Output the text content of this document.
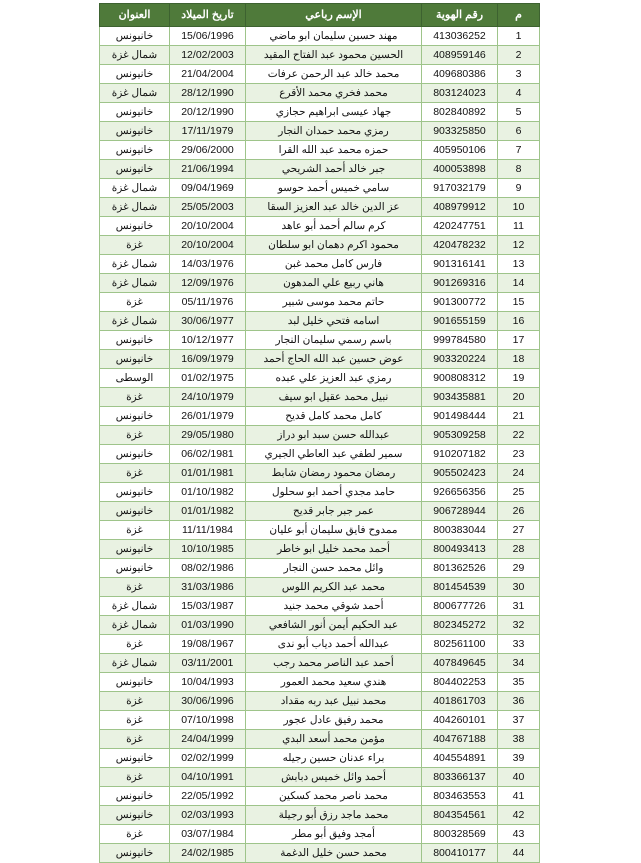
م	رقم الهوية	الإسم رباعي	تاريخ الميلاد	العنوان
1	413036252	مهند حسين سليمان ابو ماضي	15/06/1996	خانيونس
2	408959146	الحسين محمود عبد الفتاح المقيد	12/02/2003	شمال غزة
3	409680386	محمد خالد عبد الرحمن عرفات	21/04/2004	خانيونس
4	803124023	محمد فخري محمد الأقرع	28/12/1990	شمال غزة
5	802840892	جهاد عيسى ابراهيم حجازي	20/12/1990	خانيونس
6	903325850	رمزي محمد حمدان النجار	17/11/1979	خانيونس
7	405950106	حمزه محمد عبد الله القرا	29/06/2000	خانيونس
8	400053898	جبر خالد أحمد الشريحي	21/06/1994	خانيونس
9	917032179	سامي خميس أحمد حوسو	09/04/1969	شمال غزة
10	408979912	عز الدين خالد عبد العزيز السقا	25/05/2003	شمال غزة
11	420247751	كرم سالم أحمد أبو عاهد	20/10/2004	خانيونس
12	420478232	محمود اكرم دهمان ابو سلطان	20/10/2004	غزة
13	901316141	فارس كامل محمد غبن	14/03/1976	شمال غزة
14	901269316	هاني ربيع علي المدهون	12/09/1976	شمال غزة
15	901300772	حاتم محمد موسى شبير	05/11/1976	غزة
16	901655159	اسامه فتحي خليل لبد	30/06/1977	شمال غزة
17	999784580	باسم رسمي سليمان النجار	10/12/1977	خانيونس
18	903320224	عوض حسين عبد الله الحاج أحمد	16/09/1979	خانيونس
19	900808312	رمزي عبد العزيز علي عبده	01/02/1975	الوسطى
20	903435881	نبيل محمد عقيل ابو سيف	24/10/1979	غزة
21	901498444	كامل محمد كامل قديح	26/01/1979	خانيونس
22	905309258	عبدالله حسن سبد ابو دراز	29/05/1980	غزة
23	910207182	سمير لطفي عبد العاطي الجيري	06/02/1981	خانيونس
24	905502423	رمضان محمود رمضان شابط	01/01/1981	غزة
25	926656356	حامد مجدي أحمد ابو سحلول	01/10/1982	خانيونس
26	906728944	عمر جبر جابر قديح	01/01/1982	خانيونس
27	800383044	ممدوح فايق سليمان أبو عليان	11/11/1984	غزة
28	800493413	أحمد محمد خليل ابو خاطر	10/10/1985	خانيونس
29	801362526	وائل محمد حسن النجار	08/02/1986	خانيونس
30	801454539	محمد عبد الكريم اللوس	31/03/1986	غزة
31	800677726	أحمد شوقي محمد جنيد	15/03/1987	شمال غزة
32	802345272	عبد الحكيم أيمن أنور الشافعي	01/03/1990	شمال غزة
33	802561100	عبدالله أحمد دياب أبو ندى	19/08/1967	غزة
34	407849645	أحمد عبد الناصر محمد رجب	03/11/2001	شمال غزة
35	804402253	هندي سعيد محمد العمور	10/04/1993	خانيونس
36	401861703	محمد نبيل عبد ربه مقداد	30/06/1996	غزة
37	404260101	محمد رفيق عادل عجور	07/10/1998	غزة
38	404767188	مؤمن محمد أسعد البدي	24/04/1999	غزة
39	404554891	براء عدنان حسين رجيله	02/02/1999	خانيونس
40	803366137	أحمد وائل خميس دبابش	04/10/1991	غزة
41	803463553	محمد ناصر محمد كسكين	22/05/1992	خانيونس
42	804354561	محمد ماجد رزق أبو رجيلة	02/03/1993	خانيونس
43	800328569	أمجد وفيق أبو مطر	03/07/1984	غزة
44	800410177	محمد حسن خليل الدغمة	24/02/1985	خانيونس
